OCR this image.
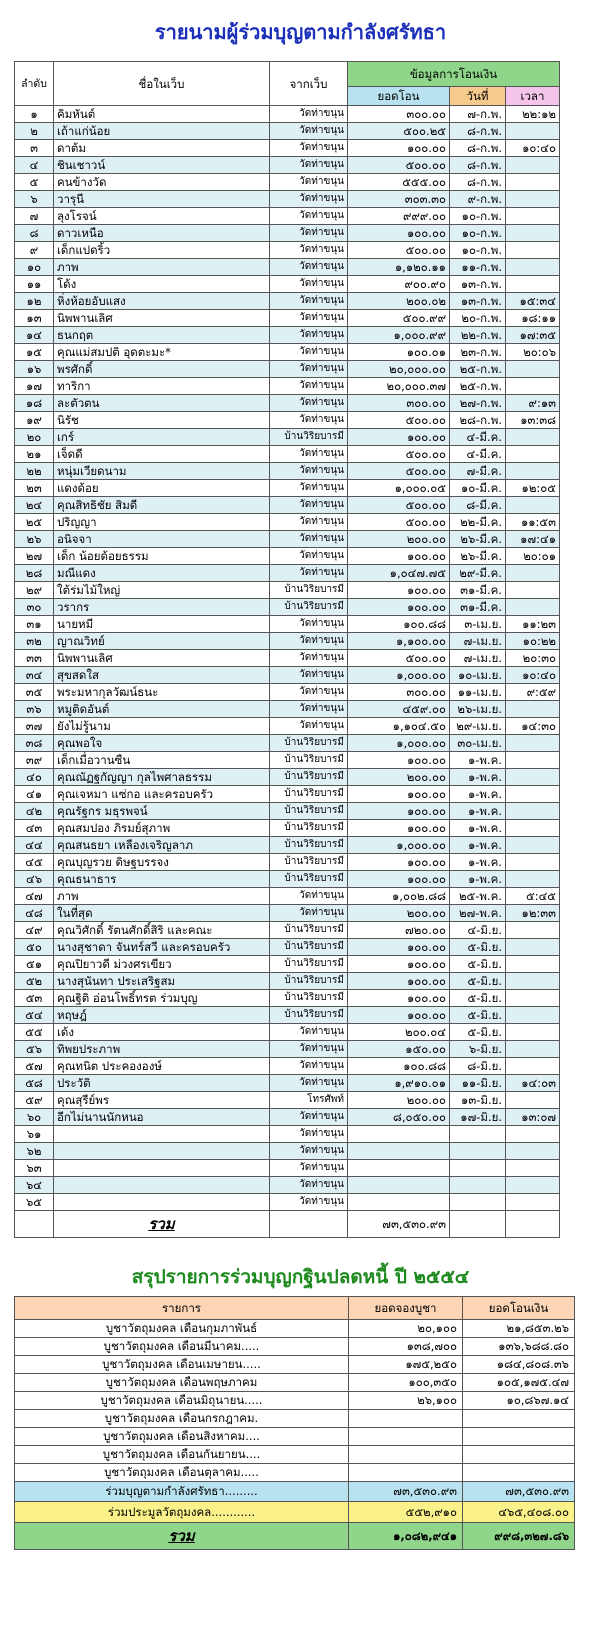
รายนามผู้ร่วมบุญตามกำลังศรัทธา
ลำดับ	ชื่อในเว็บ	จากเว็บ	ข้อมูลการโอนเงิน		
			ยอดโอน	วันที่	เวลา
๑	คิมหันต์	วัดท่าขนุน	๓๐๐.๐๐	๗-ก.พ.	๒๒:๑๒
๒	เถ้าแก่น้อย	วัดท่าขนุน	๕๐๐.๒๕	๘-ก.พ.	
๓	ดาต้ม	วัดท่าขนุน	๑๐๐.๐๐	๘-ก.พ.	๑๐:๔๐
๔	ชินเชาวน์	วัดท่าขนุน	๕๐๐.๐๐	๘-ก.พ.	
๕	คนข้างวัด	วัดท่าขนุน	๕๕๕.๐๐	๘-ก.พ.	
๖	วารุนี	วัดท่าขนุน	๓๐๓.๓๐	๙-ก.พ.	
๗	ลุงโรจน์	วัดท่าขนุน	๙๙๙.๐๐	๑๐-ก.พ.	
๘	ดาวเหนือ	วัดท่าขนุน	๑๐๐.๐๐	๑๐-ก.พ.	
๙	เด็กแปดริ้ว	วัดท่าขนุน	๕๐๐.๐๐	๑๐-ก.พ.	
๑๐	ภาพ	วัดท่าขนุน	๑,๑๒๐.๑๑	๑๑-ก.พ.	
๑๑	โด้ง	วัดท่าขนุน	๙๐๐.๙๐	๑๓-ก.พ.	
๑๒	หิ่งห้อยอับแสง	วัดท่าขนุน	๒๐๐.๐๒	๑๓-ก.พ.	๑๕:๓๔
๑๓	นิพพานเลิศ	วัดท่าขนุน	๕๐๐.๙๙	๒๐-ก.พ.	๑๘:๑๑
๑๔	ธนกฤต	วัดท่าขนุน	๑,๐๐๐.๙๙	๒๒-ก.พ.	๑๗:๓๕
๑๕	คุณแม่สมปติ อุดตะมะ*	วัดท่าขนุน	๑๐๐.๐๑	๒๓-ก.พ.	๒๐:๐๖
๑๖	พรศักดิ์	วัดท่าขนุน	๒๐,๐๐๐.๐๐	๒๕-ก.พ.	
๑๗	ทาริกา	วัดท่าขนุน	๒๐,๐๐๐.๓๗	๒๕-ก.พ.	
๑๘	ละตัวตน	วัดท่าขนุน	๓๐๐.๐๐	๒๗-ก.พ.	๙:๑๓
๑๙	นิรัช	วัดท่าขนุน	๕๐๐.๐๐	๒๘-ก.พ.	๑๓:๓๘
๒๐	เกร์	บ้านวิริยบารมี	๑๐๐.๐๐	๔-มี.ค.	
๒๑	เจ็ดดี	วัดท่าขนุน	๕๐๐.๐๐	๔-มี.ค.	
๒๒	หนุ่มเวียดนาม	วัดท่าขนุน	๕๐๐.๐๐	๗-มี.ค.	
๒๓	แดงด้อย	วัดท่าขนุน	๑,๐๐๐.๐๕	๑๐-มี.ค.	๑๒:๐๕
๒๔	คุณสิทธิชัย สิมดี	วัดท่าขนุน	๕๐๐.๐๐	๘-มี.ค.	
๒๕	ปริญญา	วัดท่าขนุน	๕๐๐.๐๐	๒๒-มี.ค.	๑๑:๕๓
๒๖	อนิจจา	วัดท่าขนุน	๒๐๐.๐๐	๒๖-มี.ค.	๑๗:๔๑
๒๗	เด็ก น้อยด้อยธรรม	วัดท่าขนุน	๑๐๐.๐๐	๒๖-มี.ค.	๒๐:๐๑
๒๘	มณีแดง	วัดท่าขนุน	๑,๐๔๗.๗๕	๒๙-มี.ค.	
๒๙	ใต้ร่มไม้ใหญ่	บ้านวิริยบารมี	๑๐๐.๐๐	๓๑-มี.ค.	
๓๐	วรากร	บ้านวิริยบารมี	๑๐๐.๐๐	๓๑-มี.ค.	
๓๑	นายหมี	วัดท่าขนุน	๑๐๐.๘๘	๓-เม.ย.	๑๑:๒๓
๓๒	ญาณวิทย์	วัดท่าขนุน	๑,๑๐๐.๐๐	๗-เม.ย.	๑๐:๒๒
๓๓	นิพพานเลิศ	วัดท่าขนุน	๕๐๐.๐๐	๗-เม.ย.	๒๐:๓๐
๓๔	สุขสดใส	วัดท่าขนุน	๑,๐๐๐.๐๐	๑๐-เม.ย.	๑๐:๔๐
๓๕	พระมหากุลวัฒน์ธนะ	วัดท่าขนุน	๓๐๐.๐๐	๑๑-เม.ย.	๙:๕๙
๓๖	หมูติดอันต์	วัดท่าขนุน	๔๕๙.๐๐	๒๖-เม.ย.	
๓๗	ยังไม่รู้นาม	วัดท่าขนุน	๑,๑๐๔.๕๐	๒๙-เม.ย.	๑๔:๓๐
๓๘	คุณพอใจ	บ้านวิริยบารมี	๑,๐๐๐.๐๐	๓๐-เม.ย.	
๓๙	เด็กเมื่อวานซืน	บ้านวิริยบารมี	๑๐๐.๐๐	๑-พ.ค.	
๔๐	คุณณัฏฐกัญญา กุลไพศาลธรรม	บ้านวิริยบารมี	๒๐๐.๐๐	๑-พ.ค.	
๔๑	คุณเจหมา แซ่กอ และครอบครัว	บ้านวิริยบารมี	๑๐๐.๐๐	๑-พ.ค.	
๔๒	คุณรัฐกร มธุรพจน์	บ้านวิริยบารมี	๑๐๐.๐๐	๑-พ.ค.	
๔๓	คุณสมปอง ภิรมย์สุภาพ	บ้านวิริยบารมี	๑๐๐.๐๐	๑-พ.ค.	
๔๔	คุณสนธยา เหลืองเจริญลาภ	บ้านวิริยบารมี	๑,๐๐๐.๐๐	๑-พ.ค.	
๔๕	คุณบุญรวย ดิษฐบรรจง	บ้านวิริยบารมี	๑๐๐.๐๐	๑-พ.ค.	
๔๖	คุณธนาธาร	บ้านวิริยบารมี	๑๐๐.๐๐	๑-พ.ค.	
๔๗	ภาพ	วัดท่าขนุน	๑,๐๐๒.๘๘	๒๕-พ.ค.	๕:๔๕
๔๘	ในที่สุด	วัดท่าขนุน	๒๐๐.๐๐	๒๗-พ.ค.	๑๒:๓๓
๔๙	คุณวิศักดิ์ รัตนศักดิ์สิริ และคณะ	บ้านวิริยบารมี	๗๒๐.๐๐	๔-มิ.ย.	
๕๐	นางสุชาดา จันทร์สวี และครอบครัว	บ้านวิริยบารมี	๑๐๐.๐๐	๕-มิ.ย.	
๕๑	คุณปิยาวดี ม่วงศรเขียว	บ้านวิริยบารมี	๑๐๐.๐๐	๕-มิ.ย.	
๕๒	นางสุนันทา ประเสริฐสม	บ้านวิริยบารมี	๑๐๐.๐๐	๕-มิ.ย.	
๕๓	คุณฐิติ อ่อนโพธิ์ทรต ร่วมบุญ	บ้านวิริยบารมี	๑๐๐.๐๐	๕-มิ.ย.	
๕๔	หฤษฎ์	บ้านวิริยบารมี	๑๐๐.๐๐	๕-มิ.ย.	
๕๕	เด้ง	วัดท่าขนุน	๒๐๐.๐๔	๕-มิ.ย.	
๕๖	ทิพยประภาพ	วัดท่าขนุน	๑๕๐.๐๐	๖-มิ.ย.	
๕๗	คุณทนิต ประคององษ์	วัดท่าขนุน	๑๐๐.๘๘	๘-มิ.ย.	
๕๘	ประวัติ	วัดท่าขนุน	๑,๙๑๐.๐๑	๑๑-มิ.ย.	๑๔:๐๓
๕๙	คุณสุรีย์พร	โทรศัพท์	๒๐๐.๐๐	๑๓-มิ.ย.	
๖๐	อีกไม่นานนักหนอ	วัดท่าขนุน	๘,๐๕๐.๐๐	๑๗-มิ.ย.	๑๓:๐๗
๖๑		วัดท่าขนุน			
๖๒		วัดท่าขนุน			
๖๓		วัดท่าขนุน			
๖๔		วัดท่าขนุน			
๖๕		วัดท่าขนุน			
	รวม		๗๓,๕๓๐.๙๓		
สรุปรายการร่วมบุญกฐินปลดหนี้ ปี ๒๕๕๔
รายการ	ยอดจองบูชา	ยอดโอนเงิน
บูชาวัตถุมงคล เดือนกุมภาพันธ์	๒๐,๑๐๐	๒๑,๘๕๓.๒๖
บูชาวัตถุมงคล เดือนมีนาคม.....	๑๓๘,๗๐๐	๑๓๖,๖๘๘.๘๐
บูชาวัตถุมงคล เดือนเมษายน.....	๑๗๕,๒๕๐	๑๘๔,๘๐๘.๓๖
บูชาวัตถุมงคล เดือนพฤษภาคม	๑๐๐,๓๕๐	๑๐๕,๑๗๕.๔๗
บูชาวัตถุมงคล เดือนมิถุนายน.....	๒๖,๑๐๐	๑๐,๘๖๗.๑๔
บูชาวัตถุมงคล เดือนกรกฎาคม.		
บูชาวัตถุมงคล เดือนสิงหาคม....		
บูชาวัตถุมงคล เดือนกันยายน....		
บูชาวัตถุมงคล เดือนตุลาคม.....		
ร่วมบุญตามกำลังศรัทธา.........	๗๓,๕๓๐.๙๓	๗๓,๕๓๐.๙๓
ร่วมประมูลวัตถุมงคล............	๕๕๒,๙๑๐	๔๖๕,๔๐๘.๐๐
รวม	๑,๐๘๒,๙๔๑	๙๙๘,๓๒๗.๘๖
